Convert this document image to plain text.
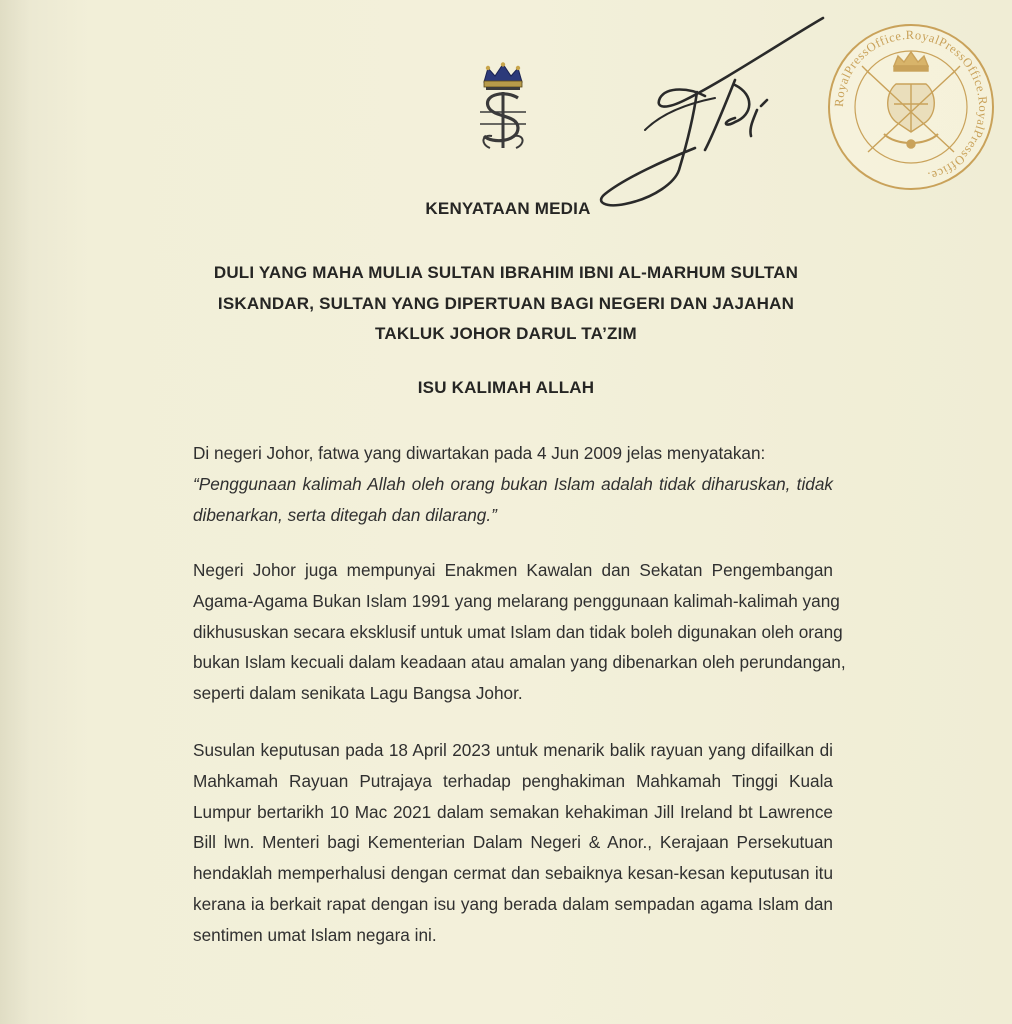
RoyalPressOffice.RoyalPressOffice.RoyalPressOffice.
KENYATAAN MEDIA
DULI YANG MAHA MULIA SULTAN IBRAHIM IBNI AL-MARHUM SULTAN
ISKANDAR, SULTAN YANG DIPERTUAN BAGI NEGERI DAN JAJAHAN
TAKLUK JOHOR DARUL TA’ZIM
ISU KALIMAH ALLAH
Di negeri Johor, fatwa yang diwartakan pada 4 Jun 2009 jelas menyatakan:
“Penggunaan kalimah Allah oleh orang bukan Islam adalah tidak diharuskan, tidak
dibenarkan, serta ditegah dan dilarang.”
Negeri Johor juga mempunyai Enakmen Kawalan dan Sekatan Pengembangan
Agama-Agama Bukan Islam 1991 yang melarang penggunaan kalimah-kalimah yang
dikhususkan secara eksklusif untuk umat Islam dan tidak boleh digunakan oleh orang
bukan Islam kecuali dalam keadaan atau amalan yang dibenarkan oleh perundangan,
seperti dalam senikata Lagu Bangsa Johor.
Susulan keputusan pada 18 April 2023 untuk menarik balik rayuan yang difailkan di
Mahkamah Rayuan Putrajaya terhadap penghakiman Mahkamah Tinggi Kuala
Lumpur bertarikh 10 Mac 2021 dalam semakan kehakiman Jill Ireland bt Lawrence
Bill lwn. Menteri bagi Kementerian Dalam Negeri & Anor., Kerajaan Persekutuan
hendaklah memperhalusi dengan cermat dan sebaiknya kesan-kesan keputusan itu
kerana ia berkait rapat dengan isu yang berada dalam sempadan agama Islam dan
sentimen umat Islam negara ini.
